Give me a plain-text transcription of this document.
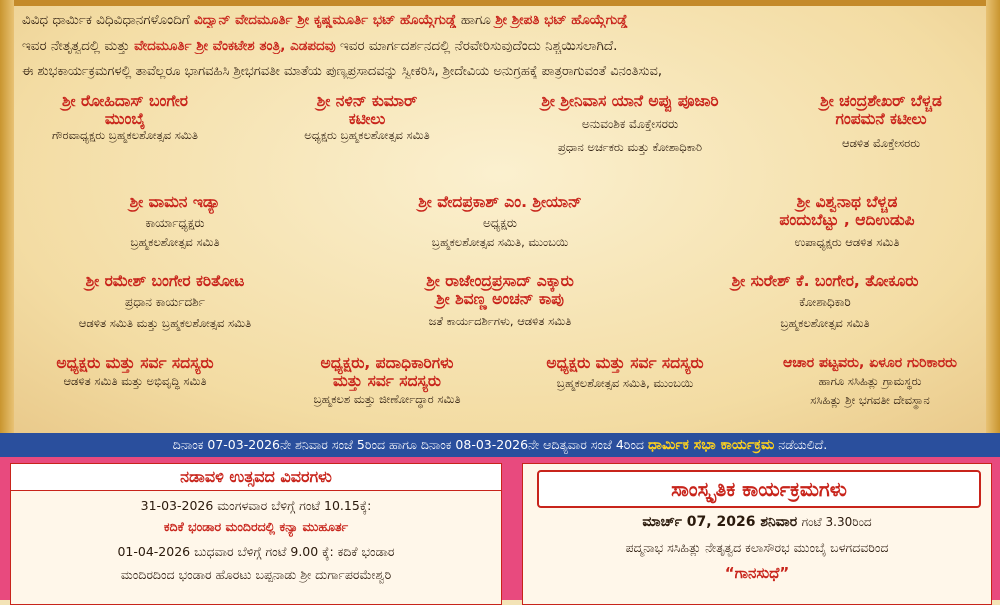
ವಿವಿಧ ಧಾರ್ಮಿಕ ವಿಧಿವಿಧಾನಗಳೊಂದಿಗೆ ವಿದ್ವಾನ್ ವೇದಮೂರ್ತಿ ಶ್ರೀ ಕೃಷ್ಣಮೂರ್ತಿ ಭಟ್ ಹೊಯ್ಗೆಗುಡ್ಡೆ ಹಾಗೂ ಶ್ರೀ ಶ್ರೀಪತಿ ಭಟ್ ಹೊಯ್ಗೆಗುಡ್ಡೆ
ಇವರ ನೇತೃತ್ವದಲ್ಲಿ ಮತ್ತು ವೇದಮೂರ್ತಿ ಶ್ರೀ ವೆಂಕಟೇಶ ತಂತ್ರಿ, ಎಡಪದವು ಇವರ ಮಾರ್ಗದರ್ಶನದಲ್ಲಿ ನೆರವೇರಿಸುವುದೆಂದು ನಿಶ್ಚಯಿಸಲಾಗಿದೆ.
ಈ ಶುಭಕಾರ್ಯಕ್ರಮಗಳಲ್ಲಿ ತಾವೆಲ್ಲರೂ ಭಾಗವಹಿಸಿ ಶ್ರೀಭಗವತೀ ಮಾತೆಯ ಪುಣ್ಯಪ್ರಸಾದವನ್ನು ಸ್ವೀಕರಿಸಿ, ಶ್ರೀದೇವಿಯ ಅನುಗ್ರಹಕ್ಕೆ ಪಾತ್ರರಾಗುವಂತೆ ವಿನಂತಿಸುವ,
ಶ್ರೀ ರೋಹಿದಾಸ್ ಬಂಗೇರ
ಮುಂಬೈ
ಗೌರವಾಧ್ಯಕ್ಷರು ಬ್ರಹ್ಮಕಲಶೋತ್ಸವ ಸಮಿತಿ
ಶ್ರೀ ನಳಿನ್ ಕುಮಾರ್
ಕಟೀಲು
ಅಧ್ಯಕ್ಷರು ಬ್ರಹ್ಮಕಲಶೋತ್ಸವ ಸಮಿತಿ
ಶ್ರೀ ಶ್ರೀನಿವಾಸ ಯಾನೆ ಅಪ್ಪು ಪೂಜಾರಿ
ಅನುವಂಶಿಕ ಮೊಕ್ತೇಸರರು
ಪ್ರಧಾನ ಅರ್ಚಕರು ಮತ್ತು ಕೋಶಾಧಿಕಾರಿ
ಶ್ರೀ ಚಂದ್ರಶೇಖರ್ ಬೆಳ್ಚಡ
ಗಂಪಮನೆ ಕಟೀಲು
ಆಡಳಿತ ಮೊಕ್ತೇಸರರು
ಶ್ರೀ ವಾಮನ ಇಡ್ಯಾ
ಕಾರ್ಯಾಧ್ಯಕ್ಷರು
ಬ್ರಹ್ಮಕಲಶೋತ್ಸವ ಸಮಿತಿ
ಶ್ರೀ ವೇದಪ್ರಕಾಶ್ ಎಂ. ಶ್ರೀಯಾನ್
ಅಧ್ಯಕ್ಷರು
ಬ್ರಹ್ಮಕಲಶೋತ್ಸವ ಸಮಿತಿ, ಮುಂಬಯಿ
ಶ್ರೀ ವಿಶ್ವನಾಥ ಬೆಳ್ಚಡ
ಪಂದುಬೆಟ್ಟು , ಆದಿಉಡುಪಿ
ಉಪಾಧ್ಯಕ್ಷರು ಆಡಳಿತ ಸಮಿತಿ
ಶ್ರೀ ರಮೇಶ್ ಬಂಗೇರ ಕರಿತೋಟ
ಪ್ರಧಾನ ಕಾರ್ಯದರ್ಶಿ
ಆಡಳಿತ ಸಮಿತಿ ಮತ್ತು ಬ್ರಹ್ಮಕಲಶೋತ್ಸವ ಸಮಿತಿ
ಶ್ರೀ ರಾಜೇಂದ್ರಪ್ರಸಾದ್ ಎಕ್ಕಾರು
ಶ್ರೀ ಶಿವಣ್ಣ ಅಂಚನ್ ಕಾಪು
ಜತೆ ಕಾರ್ಯದರ್ಶಿಗಳು, ಆಡಳಿತ ಸಮಿತಿ
ಶ್ರೀ ಸುರೇಶ್ ಕೆ. ಬಂಗೇರ, ತೋಕೂರು
ಕೋಶಾಧಿಕಾರಿ
ಬ್ರಹ್ಮಕಲಶೋತ್ಸವ ಸಮಿತಿ
ಅಧ್ಯಕ್ಷರು ಮತ್ತು ಸರ್ವ ಸದಸ್ಯರು
ಆಡಳಿತ ಸಮಿತಿ ಮತ್ತು ಅಭಿವೃದ್ಧಿ ಸಮಿತಿ
ಅಧ್ಯಕ್ಷರು, ಪದಾಧಿಕಾರಿಗಳು
ಮತ್ತು ಸರ್ವ ಸದಸ್ಯರು
ಬ್ರಹ್ಮಕಲಶ ಮತ್ತು ಜೀರ್ಣೋದ್ಧಾರ ಸಮಿತಿ
ಅಧ್ಯಕ್ಷರು ಮತ್ತು ಸರ್ವ ಸದಸ್ಯರು
ಬ್ರಹ್ಮಕಲಶೋತ್ಸವ ಸಮಿತಿ, ಮುಂಬಯಿ
ಆಚಾರ ಪಟ್ಟವರು, ಏಳೂರ ಗುರಿಕಾರರು
ಹಾಗೂ ಸಸಿಹಿತ್ಲು ಗ್ರಾಮಸ್ಥರು
ಸಸಿಹಿತ್ಲು ಶ್ರೀ ಭಗವತೀ ದೇವಸ್ಥಾನ
ದಿನಾಂಕ 07-03-2026ನೇ ಶನಿವಾರ ಸಂಜೆ 5ರಿಂದ ಹಾಗೂ ದಿನಾಂಕ 08-03-2026ನೇ ಆದಿತ್ಯವಾರ ಸಂಜೆ 4ರಿಂದ ಧಾರ್ಮಿಕ ಸಭಾ ಕಾರ್ಯಕ್ರಮ ನಡೆಯಲಿದೆ.
ನಡಾವಳಿ ಉತ್ಸವದ ವಿವರಗಳು
31-03-2026 ಮಂಗಳವಾರ ಬೆಳಿಗ್ಗೆ ಗಂಟೆ 10.15ಕ್ಕೆ:
ಕದಿಕೆ ಭಂಡಾರ ಮಂದಿರದಲ್ಲಿ ಕನ್ಯಾ ಮುಹೂರ್ತ
01-04-2026 ಬುಧವಾರ ಬೆಳಿಗ್ಗೆ ಗಂಟೆ 9.00 ಕ್ಕೆ: ಕದಿಕೆ ಭಂಡಾರ
ಮಂದಿರದಿಂದ ಭಂಡಾರ ಹೊರಟು ಬಪ್ಪನಾಡು ಶ್ರೀ ದುರ್ಗಾಪರಮೇಶ್ವರಿ
ಸಾಂಸ್ಕೃತಿಕ ಕಾರ್ಯಕ್ರಮಗಳು
ಮಾರ್ಚ್ 07, 2026 ಶನಿವಾರ ಗಂಟೆ 3.30ರಿಂದ
ಪದ್ಮನಾಭ ಸಸಿಹಿತ್ಲು ನೇತೃತ್ವದ ಕಲಾಸೌರಭ ಮುಂಬೈ ಬಳಗದವರಿಂದ
“ಗಾನಸುಧೆ”
